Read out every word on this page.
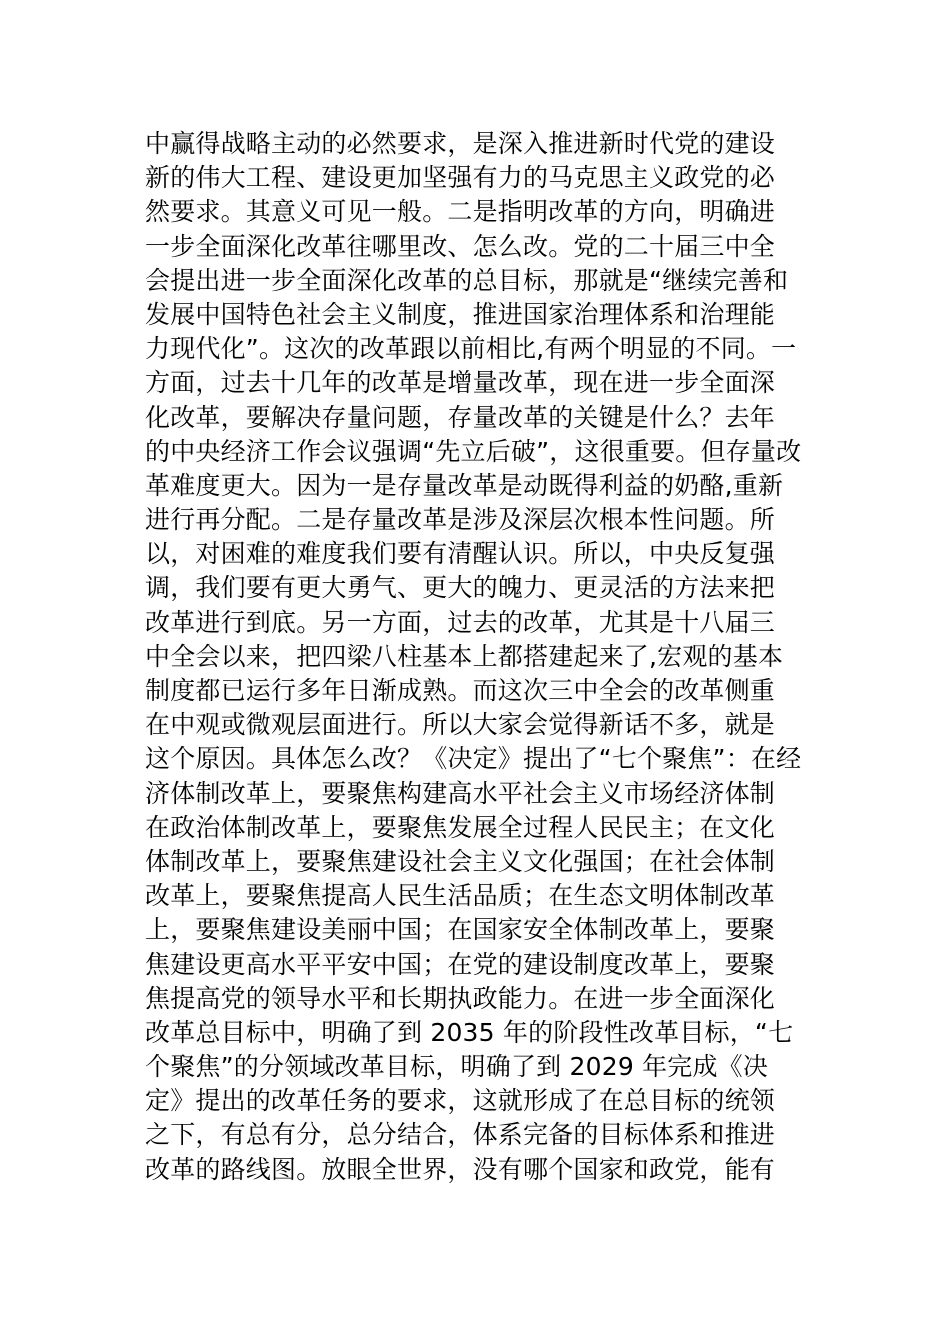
中赢得战略主动的必然要求，是深入推进新时代党的建设
新的伟大工程、建设更加坚强有力的马克思主义政党的必
然要求。其意义可见一般。二是指明改革的方向，明确进
一步全面深化改革往哪里改、怎么改。党的二十届三中全
会提出进一步全面深化改革的总目标，那就是“继续完善和
发展中国特色社会主义制度，推进国家治理体系和治理能
力现代化”。这次的改革跟以前相比,有两个明显的不同。一
方面，过去十几年的改革是增量改革，现在进一步全面深
化改革，要解决存量问题，存量改革的关键是什么？去年
的中央经济工作会议强调“先立后破”，这很重要。但存量改
革难度更大。因为一是存量改革是动既得利益的奶酪,重新
进行再分配。二是存量改革是涉及深层次根本性问题。所
以，对困难的难度我们要有清醒认识。所以，中央反复强
调，我们要有更大勇气、更大的魄力、更灵活的方法来把
改革进行到底。另一方面，过去的改革，尤其是十八届三
中全会以来，把四梁八柱基本上都搭建起来了,宏观的基本
制度都已运行多年日渐成熟。而这次三中全会的改革侧重
在中观或微观层面进行。所以大家会觉得新话不多，就是
这个原因。具体怎么改？《决定》提出了“七个聚焦”：在经
济体制改革上，要聚焦构建高水平社会主义市场经济体制
在政治体制改革上，要聚焦发展全过程人民民主；在文化
体制改革上，要聚焦建设社会主义文化强国；在社会体制
改革上，要聚焦提高人民生活品质；在生态文明体制改革
上，要聚焦建设美丽中国；在国家安全体制改革上，要聚
焦建设更高水平平安中国；在党的建设制度改革上，要聚
焦提高党的领导水平和长期执政能力。在进一步全面深化
改革总目标中，明确了到 2035 年的阶段性改革目标，“七
个聚焦”的分领域改革目标，明确了到 2029 年完成《决
定》提出的改革任务的要求，这就形成了在总目标的统领
之下，有总有分，总分结合，体系完备的目标体系和推进
改革的路线图。放眼全世界，没有哪个国家和政党，能有
